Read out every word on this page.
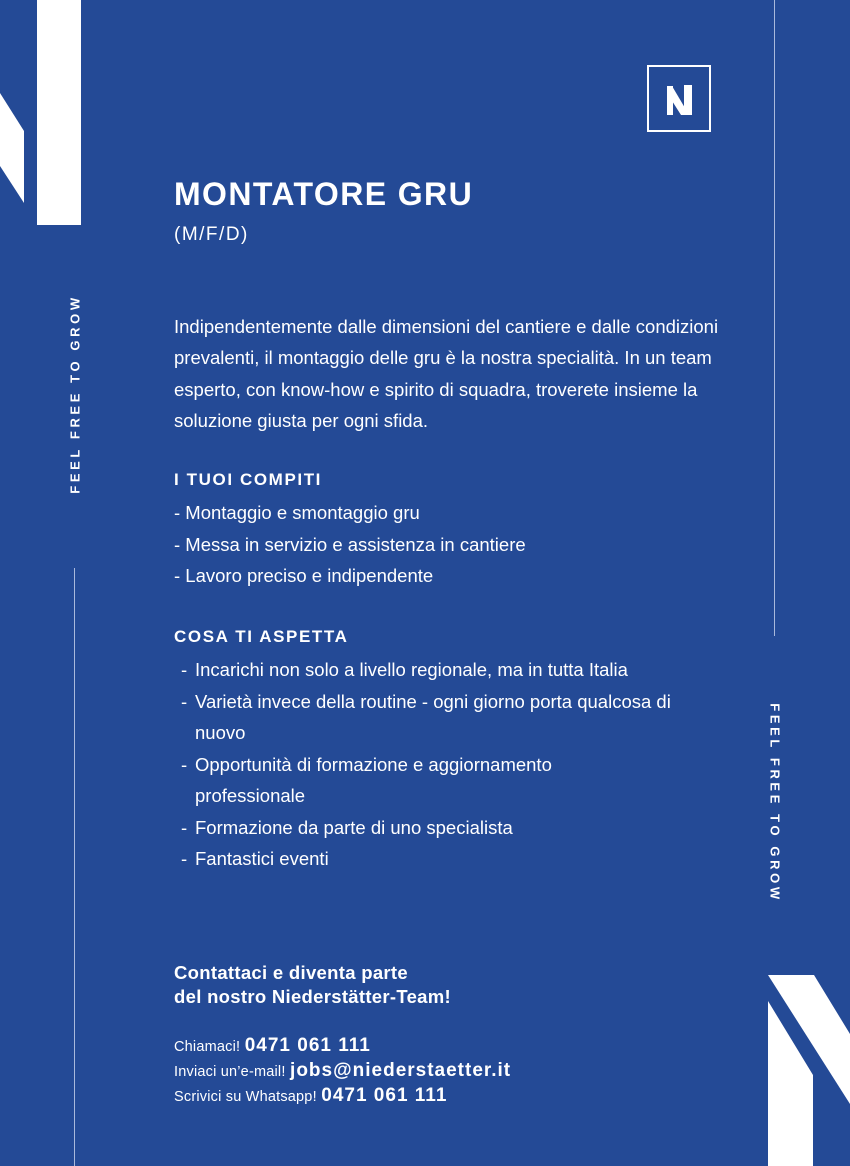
FEEL FREE TO GROW
FEEL FREE TO GROW
MONTATORE GRU
(M/F/D)

Indipendentemente dalle dimensioni del cantiere e dalle condizioni prevalenti, il montaggio delle gru è la nostra specialità. In un team esperto, con know-how e spirito di squadra, troverete insieme la soluzione giusta per ogni sfida.

I TUOI COMPITI
- Montaggio e smontaggio gru
- Messa in servizio e assistenza in cantiere
- Lavoro preciso e indipendente
COSA TI ASPETTA
- Incarichi non solo a livello regionale, ma in tutta Italia
- Varietà invece della routine - ogni giorno porta qualcosa di nuovo
- Opportunità di formazione e aggiornamento professionale
- Formazione da parte di uno specialista
- Fantastici eventi
Contattaci e diventa parte
del nostro Niederstätter-Team!
Chiamaci! 0471 061 111
Inviaci un’e-mail! jobs@niederstaetter.it
Scrivici su Whatsapp! 0471 061 111
